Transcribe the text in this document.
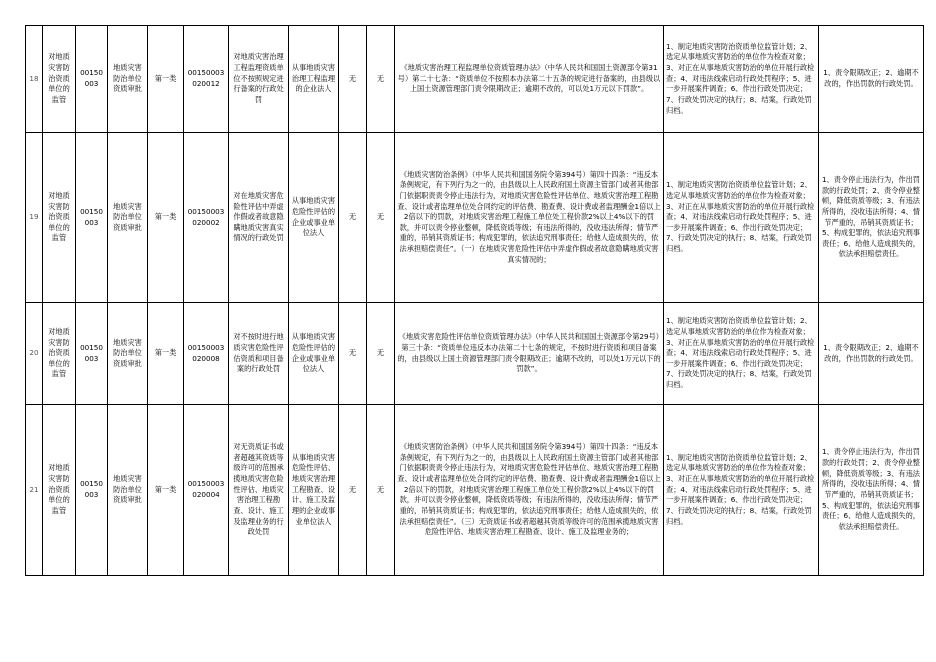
18	对地质灾害防治资质单位的监管	00150003	地质灾害防治单位资质审批	第一类	00150003020012	对地质灾害治理工程监理资质单位不按照规定进行备案的行政处罚	从事地质灾害治理工程监理的企业法人	无	无	《地质灾害治理工程监理单位资质管理办法》（中华人民共和国国土资源部令第31号）第二十七条：“资质单位不按照本办法第二十五条的规定进行备案的，由县级以上国土资源管理部门责令限期改正；逾期不改的，可以处1万元以下罚款”。	1、制定地质灾害防治资质单位监管计划；2、选定从事地质灾害防治的单位作为检查对象；3、对正在从事地质灾害防治的单位开展行政检查；4、对违法线索启动行政处罚程序；5、进一步开展案件调查；6、作出行政处罚决定；7、行政处罚决定的执行；8、结案，行政处罚归档。	1、责令限期改正；2、逾期不改的，作出罚款的行政处罚。

19	对地质灾害防治资质单位的监管	00150003	地质灾害防治单位资质审批	第一类	00150003020002	对在地质灾害危险性评估中弄虚作假或者故意隐瞒地质灾害真实情况的行政处罚	从事地质灾害危险性评估的企业或事业单位法人	无	无	《地质灾害防治条例》（中华人民共和国国务院令第394号）第四十四条：“违反本条例规定，有下列行为之一的，由县级以上人民政府国土资源主管部门或者其他部门依据职责责令停止违法行为，对地质灾害危险性评估单位、地质灾害治理工程勘查、设计或者监理单位处合同约定的评估费、勘查费、设计费或者监理酬金1倍以上2倍以下的罚款，对地质灾害治理工程施工单位处工程价款2%以上4%以下的罚款，并可以责令停业整顿，降低资质等级；有违法所得的，没收违法所得；情节严重的，吊销其资质证书；构成犯罪的，依法追究刑事责任；给他人造成损失的，依法承担赔偿责任”。（一）在地质灾害危险性评估中弄虚作假或者故意隐瞒地质灾害真实情况的；	1、制定地质灾害防治资质单位监管计划；2、选定从事地质灾害防治的单位作为检查对象；3、对正在从事地质灾害防治的单位开展行政检查；4、对违法线索启动行政处罚程序；5、进一步开展案件调查；6、作出行政处罚决定；7、行政处罚决定的执行；8、结案，行政处罚归档。	1、责令停止违法行为，作出罚款的行政处罚；2、责令停业整顿，降低资质等级；3、有违法所得的，没收违法所得；4、情节严重的，吊销其资质证书；5、构成犯罪的，依法追究刑事责任；6、给他人造成损失的，依法承担赔偿责任。

20	对地质灾害防治资质单位的监管	00150003	地质灾害防治单位资质审批	第一类	00150003020008	对不按时进行地质灾害危险性评估资质和项目备案的行政处罚	从事地质灾害危险性评估的企业或事业单位法人	无	无	《地质灾害危险性评估单位资质管理办法》（中华人民共和国国土资源部令第29号）第三十条：“资质单位违反本办法第二十七条的规定，不按时进行资质和项目备案的，由县级以上国土资源管理部门责令限期改正；逾期不改的，可以处1万元以下的罚款”。	1、制定地质灾害防治资质单位监管计划；2、选定从事地质灾害防治的单位作为检查对象；3、对正在从事地质灾害防治的单位开展行政检查；4、对违法线索启动行政处罚程序；5、进一步开展案件调查；6、作出行政处罚决定；7、行政处罚决定的执行；8、结案，行政处罚归档。	1、责令限期改正；2、逾期不改的，作出罚款的行政处罚。

21	对地质灾害防治资质单位的监管	00150003	地质灾害防治单位资质审批	第一类	00150003020004	对无资质证书或者超越其资质等级许可的范围承揽地质灾害危险性评估、地质灾害治理工程勘查、设计、施工及监理业务的行政处罚	从事地质灾害危险性评估、地质灾害治理工程勘查、设计、施工及监理的企业或事业单位法人	无	无	《地质灾害防治条例》（中华人民共和国国务院令第394号）第四十四条：“违反本条例规定，有下列行为之一的，由县级以上人民政府国土资源主管部门或者其他部门依据职责责令停止违法行为，对地质灾害危险性评估单位、地质灾害治理工程勘查、设计或者监理单位处合同约定的评估费、勘查费、设计费或者监理酬金1倍以上2倍以下的罚款，对地质灾害治理工程施工单位处工程价款2%以上4%以下的罚款，并可以责令停业整顿，降低资质等级；有违法所得的，没收违法所得；情节严重的，吊销其资质证书；构成犯罪的，依法追究刑事责任；给他人造成损失的，依法承担赔偿责任”。（三）无资质证书或者超越其资质等级许可的范围承揽地质灾害危险性评估、地质灾害治理工程勘查、设计、施工及监理业务的；	1、制定地质灾害防治资质单位监管计划；2、选定从事地质灾害防治的单位作为检查对象；3、对正在从事地质灾害防治的单位开展行政检查；4、对违法线索启动行政处罚程序；5、进一步开展案件调查；6、作出行政处罚决定；7、行政处罚决定的执行；8、结案，行政处罚归档。	1、责令停止违法行为，作出罚款的行政处罚；2、责令停业整顿，降低资质等级；3、有违法所得的，没收违法所得；4、情节严重的，吊销其资质证书；5、构成犯罪的，依法追究刑事责任；6、给他人造成损失的，依法承担赔偿责任。
